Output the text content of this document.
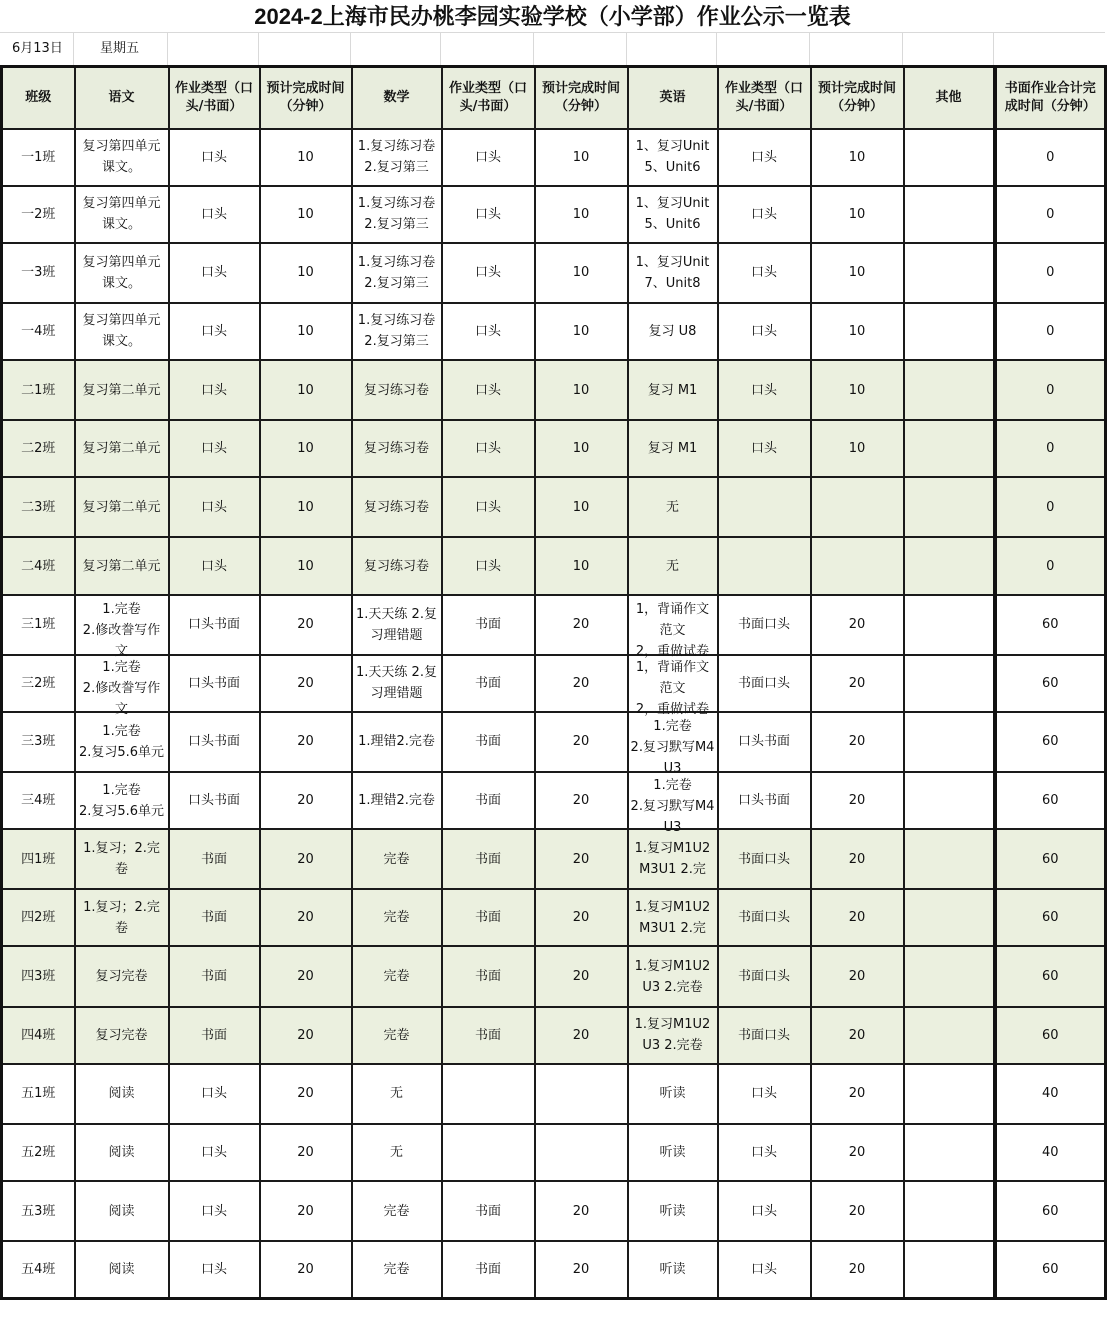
2024-2上海市民办桃李园实验学校（小学部）作业公示一览表
6月13日	星期五
班级	语文	作业类型（口头/书面）	预计完成时间（分钟）	数学	作业类型（口头/书面）	预计完成时间（分钟）	英语	作业类型（口头/书面）	预计完成时间（分钟）	其他	书面作业合计完成时间（分钟）

一1班	复习第四单元课文。	口头	10	1.复习练习卷
2.复习第三	口头	10	1、复习Unit5、Unit6	口头	10		0

一2班	复习第四单元课文。	口头	10	1.复习练习卷
2.复习第三	口头	10	1、复习Unit5、Unit6	口头	10		0

一3班	复习第四单元课文。	口头	10	1.复习练习卷
2.复习第三	口头	10	1、复习Unit7、Unit8	口头	10		0

一4班	复习第四单元课文。	口头	10	1.复习练习卷
2.复习第三	口头	10	复习 U8	口头	10		0

二1班	复习第二单元	口头	10	复习练习卷	口头	10	复习 M1	口头	10		0

二2班	复习第二单元	口头	10	复习练习卷	口头	10	复习 M1	口头	10		0

二3班	复习第二单元	口头	10	复习练习卷	口头	10	无				0

二4班	复习第二单元	口头	10	复习练习卷	口头	10	无				0

三1班	1.完卷
2.修改誊写作文	口头书面	20	1.天天练 2.复习理错题	书面	20	1，背诵作文范文
2，重做试卷	书面口头	20		60

三2班	1.完卷
2.修改誊写作文	口头书面	20	1.天天练 2.复习理错题	书面	20	1，背诵作文范文
2，重做试卷	书面口头	20		60

三3班	1.完卷
2.复习5.6单元	口头书面	20	1.理错2.完卷	书面	20	1.完卷
2.复习默写M4U3	口头书面	20		60

三4班	1.完卷
2.复习5.6单元	口头书面	20	1.理错2.完卷	书面	20	1.完卷
2.复习默写M4U3	口头书面	20		60

四1班	1.复习；2.完卷	书面	20	完卷	书面	20	1.复习M1U2
M3U1 2.完	书面口头	20		60

四2班	1.复习；2.完卷	书面	20	完卷	书面	20	1.复习M1U2
M3U1 2.完	书面口头	20		60

四3班	复习完卷	书面	20	完卷	书面	20	1.复习M1U2U3 2.完卷	书面口头	20		60

四4班	复习完卷	书面	20	完卷	书面	20	1.复习M1U2U3 2.完卷	书面口头	20		60

五1班	阅读	口头	20	无			听读	口头	20		40

五2班	阅读	口头	20	无			听读	口头	20		40

五3班	阅读	口头	20	完卷	书面	20	听读	口头	20		60

五4班	阅读	口头	20	完卷	书面	20	听读	口头	20		60
